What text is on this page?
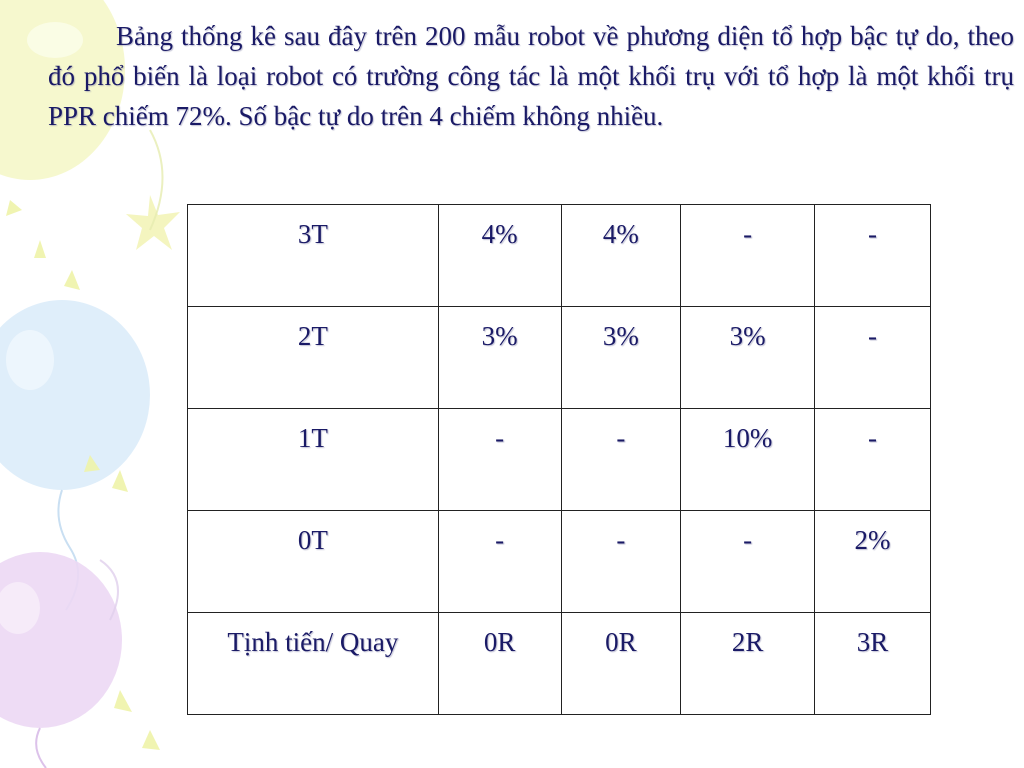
Bảng thống kê sau đây trên 200 mẫu robot về phương diện tổ hợp bậc tự do, theo đó phổ biến là loại robot có trường công tác là một khối trụ với tổ hợp là một khối trụ PPR chiếm 72%. Số bậc tự do trên 4 chiếm không nhiều.

3T	4%	4%	-	-
2T	3%	3%	3%	-
1T	-	-	10%	-
0T	-	-	-	2%
Tịnh tiến/ Quay	0R	0R	2R	3R
